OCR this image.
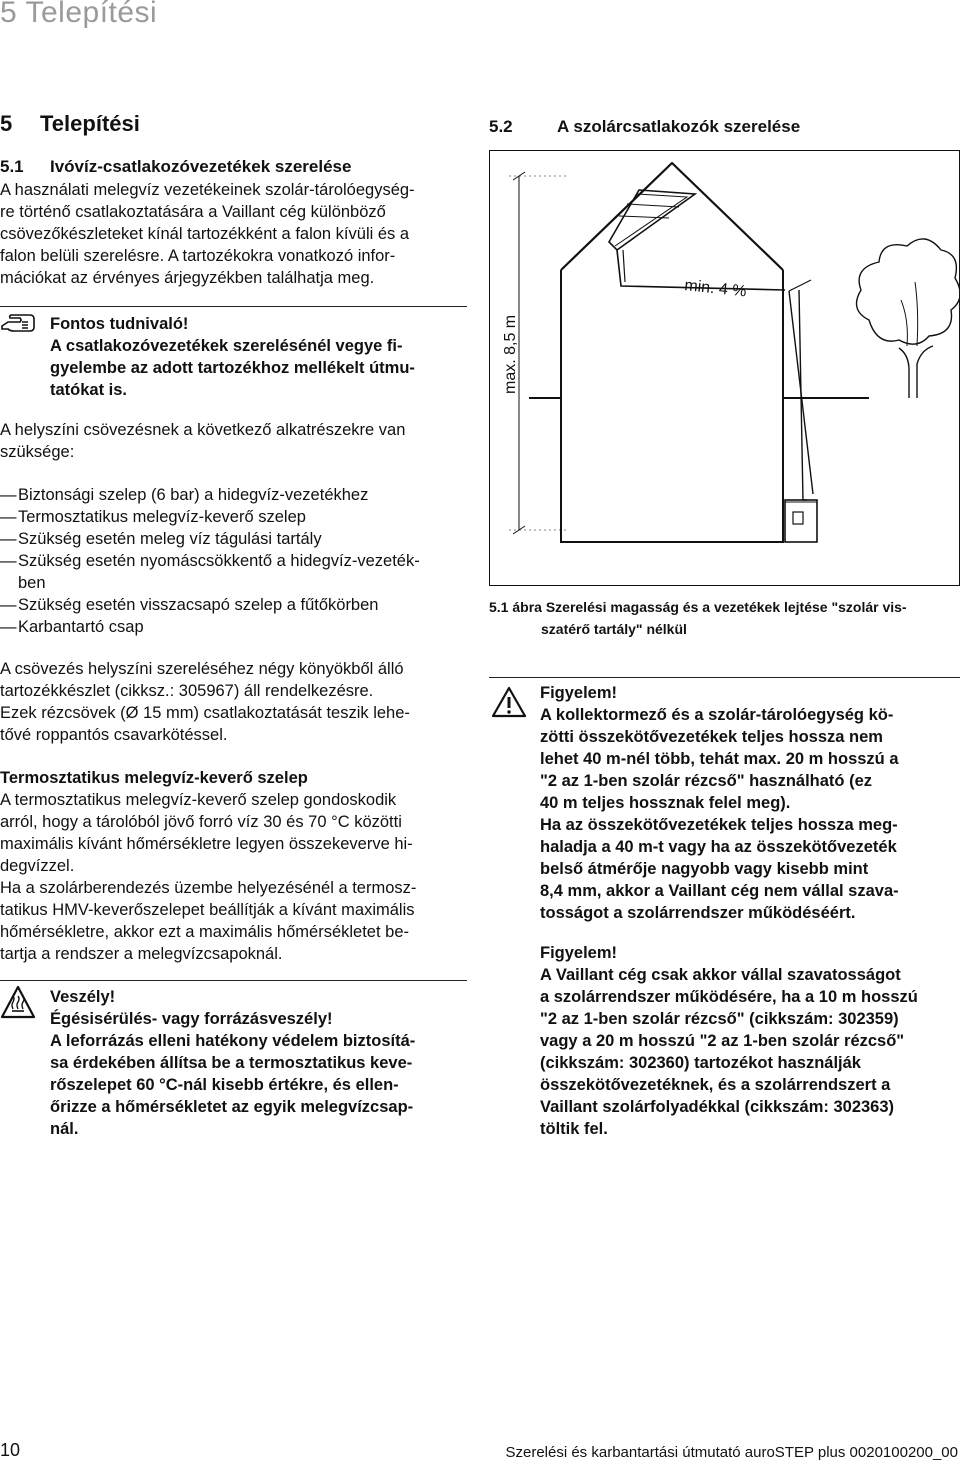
5 Telepítési
5 Telepítési
5.1 Ivóvíz-csatlakozóvezetékek szerelése

A használati melegvíz vezetékeinek szolár-tárolóegység-

re történő csatlakoztatására a Vaillant cég különböző

csövezőkészleteket kínál tartozékként a falon kívüli és a

falon belüli szerelésre. A tartozékokra vonatkozó infor-

mációkat az érvényes árjegyzékben találhatja meg.

Fontos tudnivaló!
A csatlakozóvezetékek szerelésénél vegye fi-
gyelembe az adott tartozékhoz mellékelt útmu-
tatókat is.

A helyszíni csövezésnek a következő alkatrészekre van

szüksége:

— Biztonsági szelep (6 bar) a hidegvíz-vezetékhez
— Termosztatikus melegvíz-keverő szelep
— Szükség esetén meleg víz tágulási tartály
— Szükség esetén nyomáscsökkentő a hidegvíz-vezeték-
ben
— Szükség esetén visszacsapó szelep a fűtőkörben
— Karbantartó csap

A csövezés helyszíni szereléséhez négy könyökből álló

tartozékkészlet (cikksz.: 305967) áll rendelkezésre.

Ezek rézcsövek (Ø 15 mm) csatlakoztatását teszik lehe-

tővé roppantós csavarkötéssel.

Termosztatikus melegvíz-keverő szelep

A termosztatikus melegvíz-keverő szelep gondoskodik

arról, hogy a tárolóból jövő forró víz 30 és 70 °C közötti

maximális kívánt hőmérsékletre legyen összekeverve hi-

degvízzel.

Ha a szolárberendezés üzembe helyezésénél a termosz-

tatikus HMV-keverőszelepet beállítják a kívánt maximális

hőmérsékletre, akkor ezt a maximális hőmérsékletet be-

tartja a rendszer a melegvízcsapoknál.

Veszély!
Égésisérülés- vagy forrázásveszély!
A leforrázás elleni hatékony védelem biztosítá-
sa érdekében állítsa be a termosztatikus keve-
rőszelepet 60 °C-nál kisebb értékre, és ellen-
őrizze a hőmérsékletet az egyik melegvízcsap-
nál.
5.2	A szolárcsatlakozók szerelése
max. 8,5 m
min. 4 %
5.1 ábra Szerelési magasság és a vezetékek lejtése "szolár vis-
szatérő tartály" nélkül
Figyelem!
A kollektormező és a szolár-tárolóegység kö-
zötti összekötővezetékek teljes hossza nem
lehet 40 m-nél több, tehát max. 20 m hosszú a
"2 az 1-ben szolár rézcső" használható (ez
40 m teljes hossznak felel meg).
Ha az összekötővezetékek teljes hossza meg-
haladja a 40 m-t vagy ha az összekötővezeték
belső átmérője nagyobb vagy kisebb mint
8,4 mm, akkor a Vaillant cég nem vállal szava-
tosságot a szolárrendszer működéséért.
Figyelem!
A Vaillant cég csak akkor vállal szavatosságot
a szolárrendszer működésére, ha a 10 m hosszú
"2 az 1-ben szolár rézcső" (cikkszám: 302359)
vagy a 20 m hosszú "2 az 1-ben szolár rézcső"
(cikkszám: 302360) tartozékot használják
összekötővezetéknek, és a szolárrendszert a
Vaillant szolárfolyadékkal (cikkszám: 302363)
töltik fel.
10	Szerelési és karbantartási útmutató auroSTEP plus 0020100200_00
